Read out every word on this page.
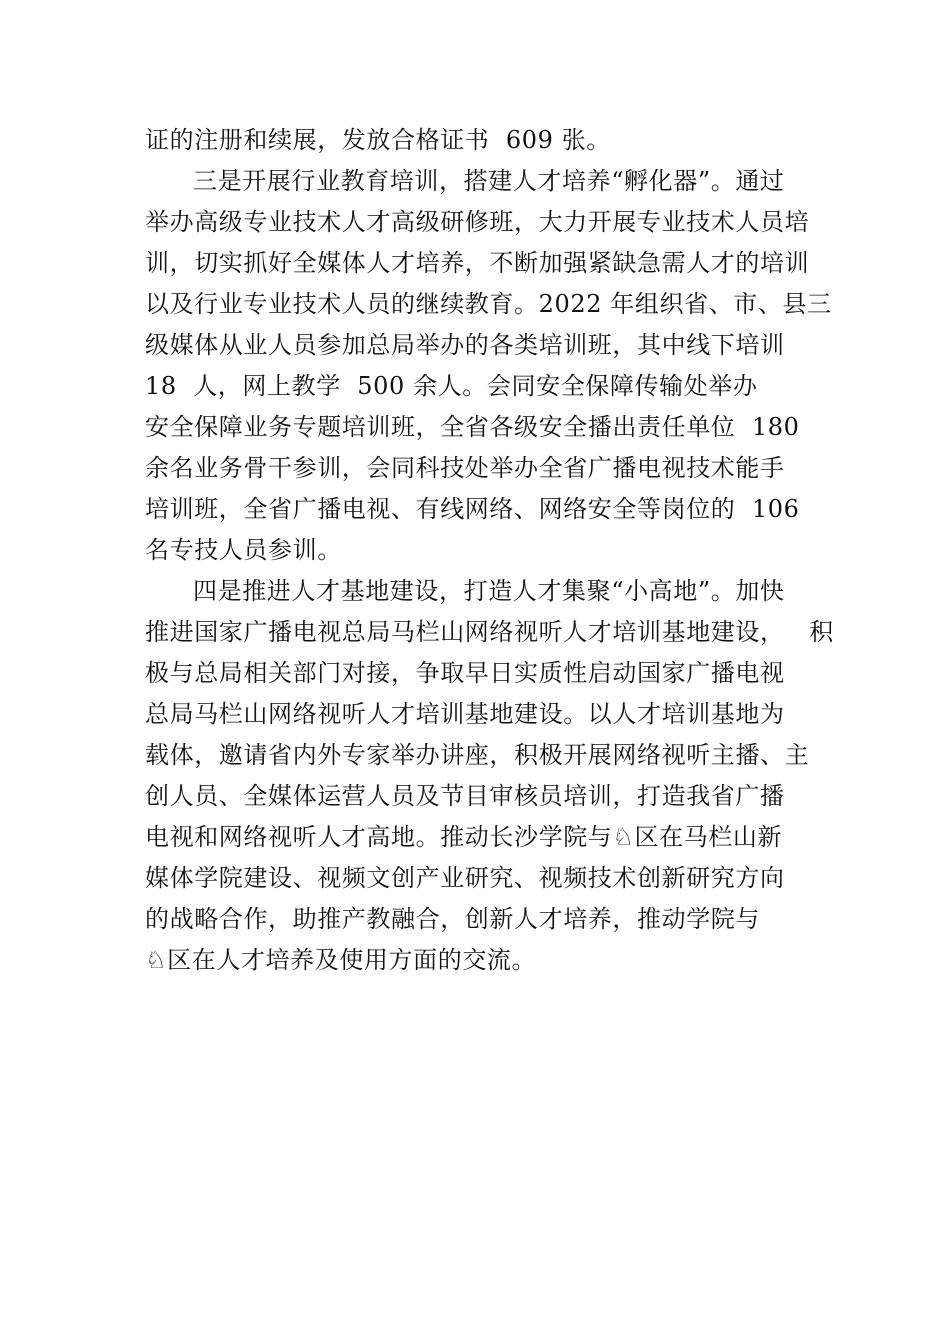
证的注册和续展，发放合格证书  609 张。
三是开展行业教育培训，搭建人才培养“孵化器”。通过
举办高级专业技术人才高级研修班，大力开展专业技术人员培
训，切实抓好全媒体人才培养，不断加强紧缺急需人才的培训
以及行业专业技术人员的继续教育。2022 年组织省、市、县三
级媒体从业人员参加总局举办的各类培训班，其中线下培训
18  人，网上教学  500 余人。会同安全保障传输处举办
安全保障业务专题培训班，全省各级安全播出责任单位  180
余名业务骨干参训，会同科技处举办全省广播电视技术能手
培训班，全省广播电视、有线网络、网络安全等岗位的  106
名专技人员参训。
四是推进人才基地建设，打造人才集聚“小高地”。加快
推进国家广播电视总局马栏山网络视听人才培训基地建设，   积
极与总局相关部门对接，争取早日实质性启动国家广播电视
总局马栏山网络视听人才培训基地建设。以人才培训基地为
载体，邀请省内外专家举办讲座，积极开展网络视听主播、主
创人员、全媒体运营人员及节目审核员培训，打造我省广播
电视和网络视听人才高地。推动长沙学院与♘区在马栏山新
媒体学院建设、视频文创产业研究、视频技术创新研究方向
的战略合作，助推产教融合，创新人才培养，推动学院与
♘区在人才培养及使用方面的交流。
